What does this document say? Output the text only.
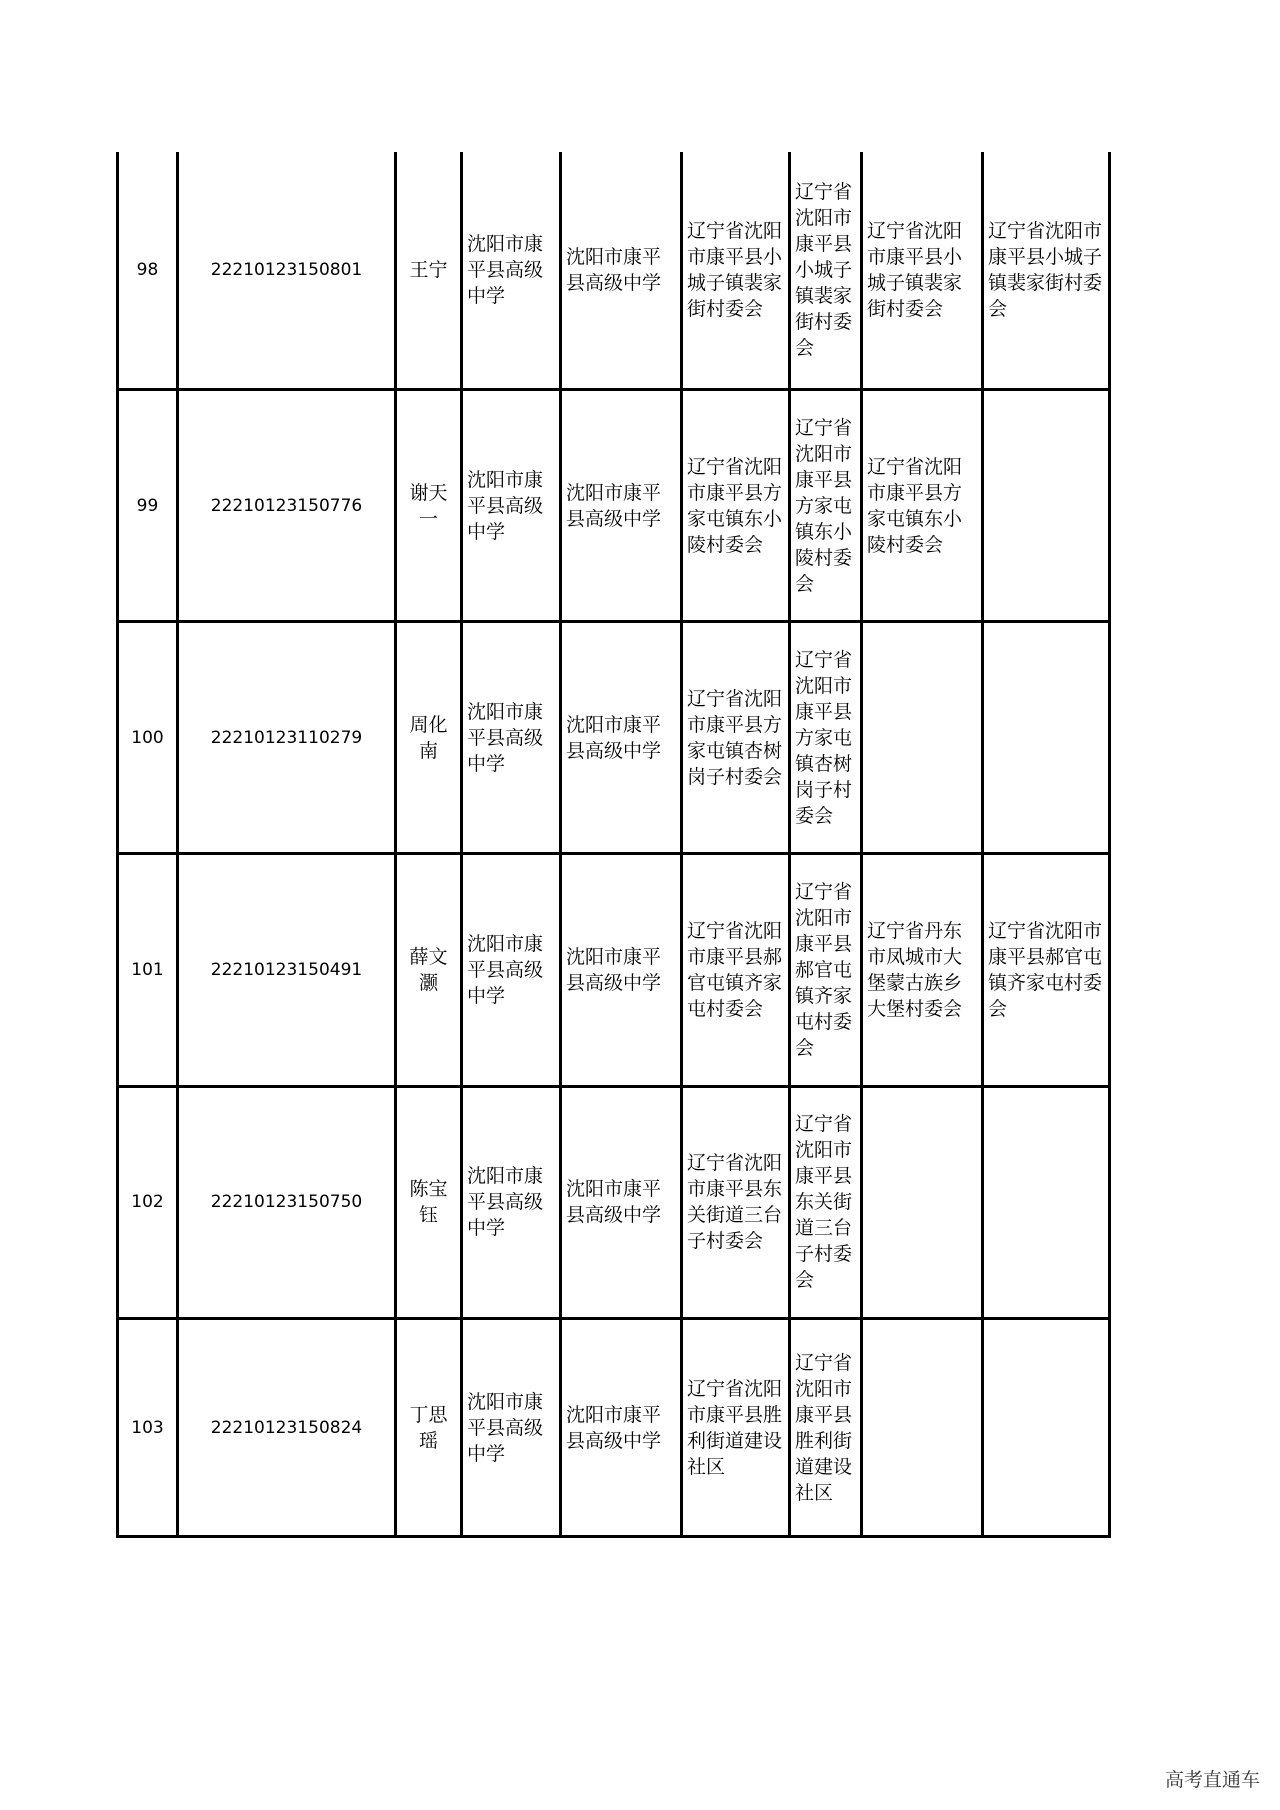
98	22210123150801	王宁	沈阳市康平县高级中学	沈阳市康平县高级中学	辽宁省沈阳市康平县小城子镇裴家街村委会	辽宁省沈阳市康平县小城子镇裴家街村委会	辽宁省沈阳市康平县小城子镇裴家街村委会	辽宁省沈阳市康平县小城子镇裴家街村委会
99	22210123150776	谢天一	沈阳市康平县高级中学	沈阳市康平县高级中学	辽宁省沈阳市康平县方家屯镇东小陵村委会	辽宁省沈阳市康平县方家屯镇东小陵村委会	辽宁省沈阳市康平县方家屯镇东小陵村委会	
100	22210123110279	周化南	沈阳市康平县高级中学	沈阳市康平县高级中学	辽宁省沈阳市康平县方家屯镇杏树岗子村委会	辽宁省沈阳市康平县方家屯镇杏树岗子村委会		
101	22210123150491	薛文灏	沈阳市康平县高级中学	沈阳市康平县高级中学	辽宁省沈阳市康平县郝官屯镇齐家屯村委会	辽宁省沈阳市康平县郝官屯镇齐家屯村委会	辽宁省丹东市凤城市大堡蒙古族乡大堡村委会	辽宁省沈阳市康平县郝官屯镇齐家屯村委会
102	22210123150750	陈宝钰	沈阳市康平县高级中学	沈阳市康平县高级中学	辽宁省沈阳市康平县东关街道三台子村委会	辽宁省沈阳市康平县东关街道三台子村委会		
103	22210123150824	丁思瑶	沈阳市康平县高级中学	沈阳市康平县高级中学	辽宁省沈阳市康平县胜利街道建设社区	辽宁省沈阳市康平县胜利街道建设社区		
高考直通车
